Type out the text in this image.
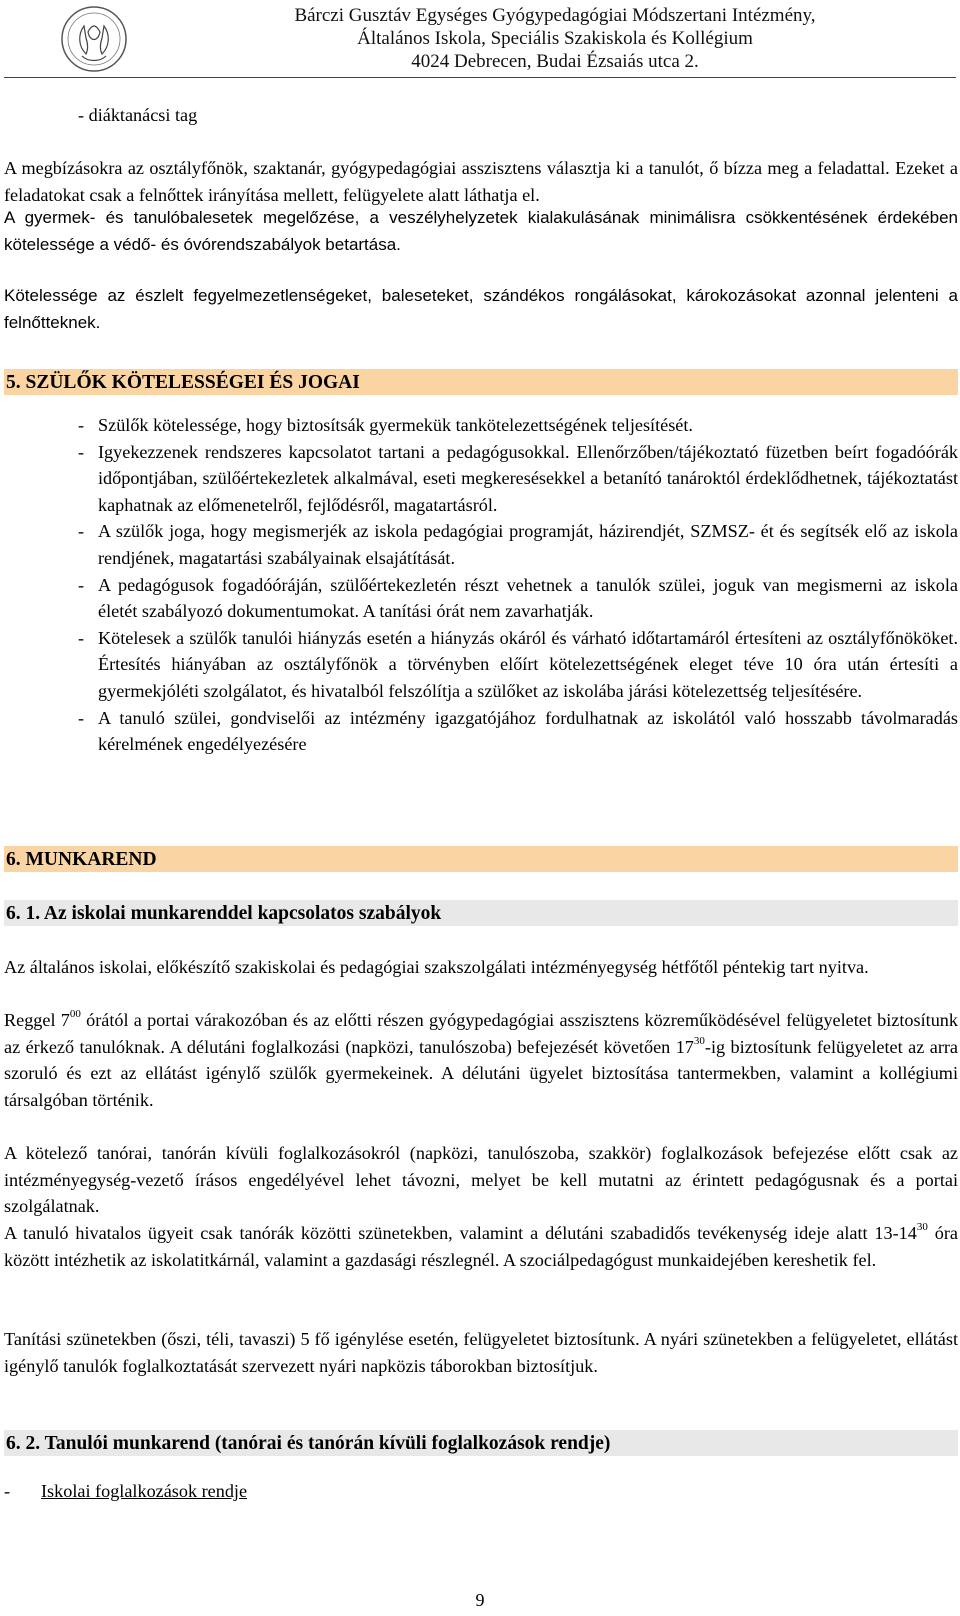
Bárczi Gusztáv Egységes Gyógypedagógiai Módszertani Intézmény,
Általános Iskola, Speciális Szakiskola és Kollégium
4024 Debrecen, Budai Ézsaiás utca 2.
- diáktanácsi tag
A megbízásokra az osztályfőnök, szaktanár, gyógypedagógiai asszisztens választja ki a tanulót, ő bízza meg a feladattal. Ezeket a feladatokat csak a felnőttek irányítása mellett, felügyelete alatt láthatja el.
A gyermek- és tanulóbalesetek megelőzése, a veszélyhelyzetek kialakulásának minimálisra csökkentésének érdekében kötelessége a védő- és óvórendszabályok betartása.
Kötelessége az észlelt fegyelmezetlenségeket, baleseteket, szándékos rongálásokat, károkozásokat azonnal jelenteni a felnőtteknek.
5. SZÜLŐK KÖTELESSÉGEI ÉS JOGAI
- Szülők kötelessége, hogy biztosítsák gyermekük tankötelezettségének teljesítését.
- Igyekezzenek rendszeres kapcsolatot tartani a pedagógusokkal. Ellenőrzőben/tájékoztató füzetben beírt fogadóórák időpontjában, szülőértekezletek alkalmával, eseti megkeresésekkel a betanító tanároktól érdeklődhetnek, tájékoztatást kaphatnak az előmenetelről, fejlődésről, magatartásról.
- A szülők joga, hogy megismerjék az iskola pedagógiai programját, házirendjét, SZMSZ- ét és segítsék elő az iskola rendjének, magatartási szabályainak elsajátítását.
- A pedagógusok fogadóóráján, szülőértekezletén részt vehetnek a tanulók szülei, joguk van megismerni az iskola életét szabályozó dokumentumokat. A tanítási órát nem zavarhatják.
- Kötelesek a szülők tanulói hiányzás esetén a hiányzás okáról és várható időtartamáról értesíteni az osztályfőnököket. Értesítés hiányában az osztályfőnök a törvényben előírt kötelezettségének eleget téve 10 óra után értesíti a gyermekjóléti szolgálatot, és hivatalból felszólítja a szülőket az iskolába járási kötelezettség teljesítésére.
- A tanuló szülei, gondviselői az intézmény igazgatójához fordulhatnak az iskolától való hosszabb távolmaradás kérelmének engedélyezésére
6. MUNKAREND
6. 1. Az iskolai munkarenddel kapcsolatos szabályok
Az általános iskolai, előkészítő szakiskolai és pedagógiai szakszolgálati intézményegység hétfőtől péntekig tart nyitva.
Reggel $7^{00}$ órától a portai várakozóban és az előtti részen gyógypedagógiai asszisztens közreműködésével felügyeletet biztosítunk az érkező tanulóknak. A délutáni foglalkozási (napközi, tanulószoba) befejezését követően $17^{30}-ig$ biztosítunk felügyeletet az arra szoruló és ezt az ellátást igénylő szülők gyermekeinek. A délutáni ügyelet biztosítása tantermekben, valamint a kollégiumi társalgóban történik.
A kötelező tanórai, tanórán kívüli foglalkozásokról (napközi, tanulószoba, szakkör) foglalkozások befejezése előtt csak az intézményegység-vezető írásos engedélyével lehet távozni, melyet be kell mutatni az érintett pedagógusnak és a portai szolgálatnak.
A tanuló hivatalos ügyeit csak tanórák közötti szünetekben, valamint a délutáni szabadidős tevékenység ideje alatt $13-14^{30}$ óra között intézhetik az iskolatitkárnál, valamint a gazdasági részlegnél. A szociálpedagógust munkaidejében kereshetik fel.
Tanítási szünetekben (őszi, téli, tavaszi) 5 fő igénylése esetén, felügyeletet biztosítunk. A nyári szünetekben a felügyeletet, ellátást igénylő tanulók foglalkoztatását szervezett nyári napközis táborokban biztosítjuk.
6. 2. Tanulói munkarend (tanórai és tanórán kívüli foglalkozások rendje)
- Iskolai foglalkozások rendje
9
